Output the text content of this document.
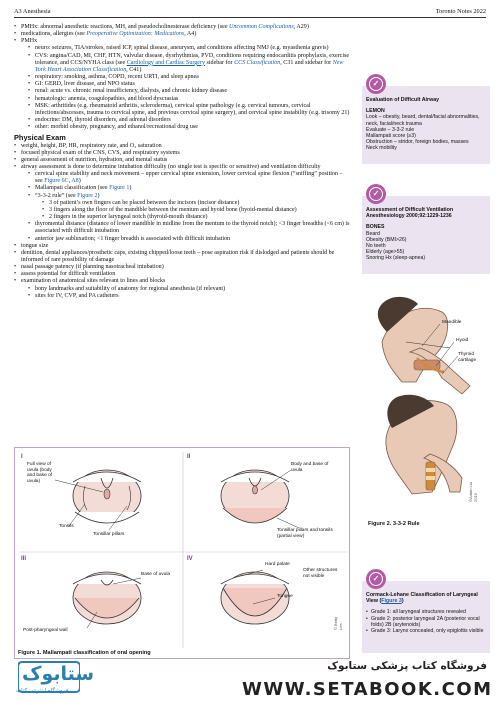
A3 Anesthesia	Toronto Notes 2022
• PMHx: abnormal anesthetic reactions, MH, and pseudocholinesterase deficiency (see Uncommon Complications, A29)
• medications, allergies (see Preoperative Optimization: Medications, A4)
• PMHx
• neuro: seizures, TIA/strokes, raised ICP, spinal disease, aneurysm, and conditions affecting NMJ (e.g. myasthenia gravis)
• CVS: angina/CAD, MI, CHF, HTN, valvular disease, dysrhythmias, PVD, conditions requiring endocarditis prophylaxis, exercise tolerance, and CCS/NYHA class (see Cardiology and Cardiac Surgery sidebar for CCS Classification, C31 and sidebar for New York Heart Association Classification, C41)
• respiratory: smoking, asthma, COPD, recent URTI, and sleep apnea
• GI: GERD, liver disease, and NPO status
• renal: acute vs. chronic renal insufficiency, dialysis, and chronic kidney disease
• hematologic: anemia, coagulopathies, and blood dyscrasias
• MSK: arthritides (e.g. rheumatoid arthritis, scleroderma), cervical spine pathology (e.g. cervical tumours, cervical infections/abscesses, trauma to cervical spine, and previous cervical spine surgery), and cervical spine instability (e.g. trisomy 21)
• endocrine: DM, thyroid disorders, and adrenal disorders
• other: morbid obesity, pregnancy, and ethanol/recreational drug use
Physical Exam
• weight, height, BP, HR, respiratory rate, and O₂ saturation
• focused physical exam of the CNS, CVS, and respiratory systems
• general assessment of nutrition, hydration, and mental status
• airway assessment is done to determine intubation difficulty (no single test is specific or sensitive) and ventilation difficulty
• cervical spine stability and neck movement – upper cervical spine extension, lower cervical spine flexion (“sniffing” position – see Figure 6C, A8)
• Mallampati classification (see Figure 1)
• “3-3-2 rule” (see Figure 2)
• 3 of patient’s own fingers can be placed between the incisors (incisor distance)
• 3 fingers along the floor of the mandible between the mentum and hyoid bone (hyoid-mental distance)
• 2 fingers in the superior laryngeal notch (thyroid-mouth distance)
• thyromental distance (distance of lower mandible in midline from the mentum to the thyroid notch); <3 finger breadths (<6 cm) is associated with difficult intubation
• anterior jaw subluxation; <1 finger breadth is associated with difficult intubation
• tongue size
• dentition, dental appliances/prosthetic caps, existing chipped/loose teeth – pose aspiration risk if dislodged and patients should be informed of rare possibility of damage
• nasal passage patency (if planning nasotracheal intubation)
• assess potential for difficult ventilation
• examination of anatomical sites relevant to lines and blocks
• bony landmarks and suitability of anatomy for regional anesthesia (if relevant)
• sites for IV, CVP, and PA catheters
✓
Evaluation of Difficult Airway
LEMON
Look – obesity, beard, dental/facial abnormalities, neck, facial/neck trauma
Evaluate – 3-3-2 rule
Mallampati score (≥3)
Obstruction – stridor, foreign bodies, masses
Neck mobility
✓
Assessment of Difficult Ventilation
Anesthesiology 2000;92:1229-1236
BONES
Beard
Obesity (BMI>26)
No teeth
Elderly (age>55)
Snoring Hx (sleep-apnea)
Mandible
Hyoid
Thyroid cartilage
©Adam Liu 2019
Figure 2. 3-3-2 Rule
✓
Cormack-Lehane Classification of Laryngeal View (Figure 3)
• Grade 1: all laryngeal structures revealed
• Grade 2: posterior laryngeal 2A (posterior vocal folds) 2B (arytenoids)
• Grade 3: Larynx concealed, only epiglottis visible
I	II
III	IV
Full view of uvula (body and base of uvula)
Tonsils
Tonsillar pillars
Body and base of uvula
Tonsillar pillars and tonsils (partial view)
Base of uvula
Post-pharyngeal wall
Hard palate
Tongue
Other structures not visible
© Betty Lee
Figure 1. Mallampati classification of oral opening
ستابوک
فروشگاه اینترنتی کتاب
فروشگاه کتاب پزشکی ستابوک
WWW.SETABOOK.COM
